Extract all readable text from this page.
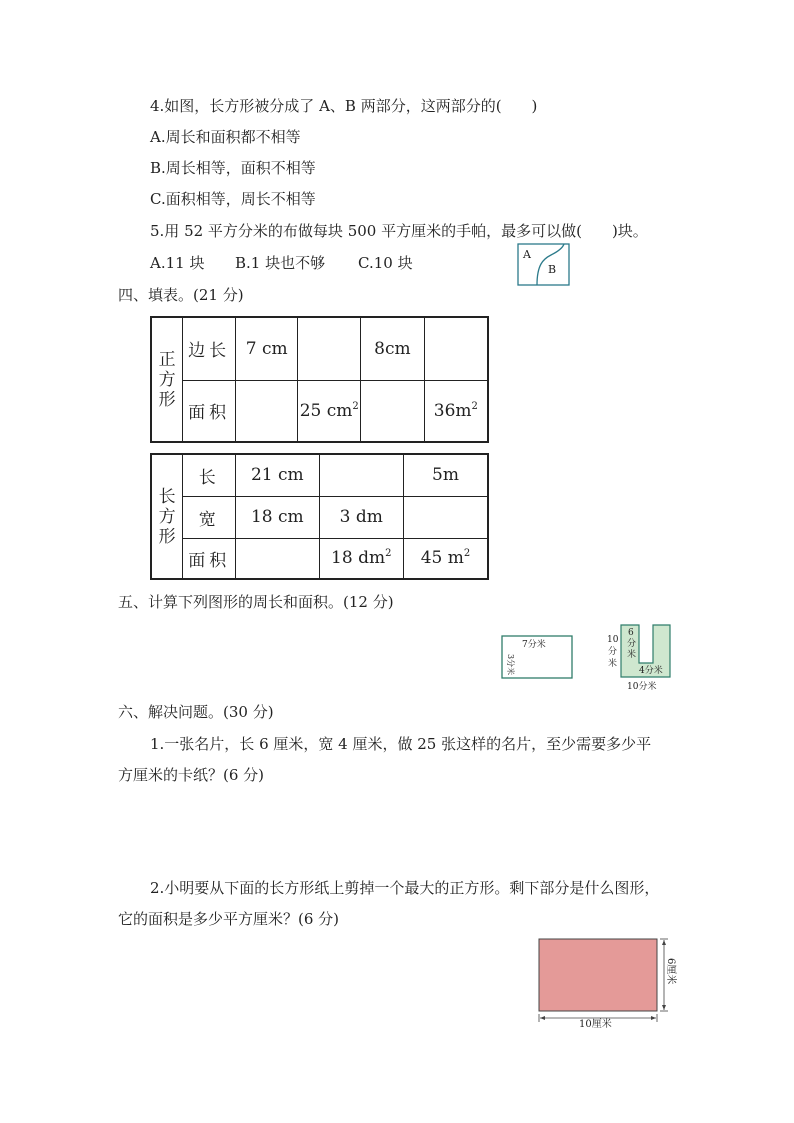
4.如图，长方形被分成了 A、B 两部分，这两部分的(　　)
A.周长和面积都不相等
B.周长相等，面积不相等
C.面积相等，周长不相等
5.用 52 平方分米的布做每块 500 平方厘米的手帕，最多可以做(　　)块。
A.11 块 B.1 块也不够 C.10 块	A
B
四、填表。(21 分)
正
方
形	边长	7 cm		8cm	
	面积		25 $cm^2$		$36m^2$
长
方
形	长	21 cm		5m
	宽	18 cm	3 dm	
	面积		18 $dm^2$	45 $m^2$
五、计算下列图形的周长和面积。(12 分)
7分米
3分米
10
分
米
6
分
米
4分米
10分米
六、解决问题。(30 分)
1.一张名片，长 6 厘米，宽 4 厘米，做 25 张这样的名片，至少需要多少平
方厘米的卡纸？(6 分)
2.小明要从下面的长方形纸上剪掉一个最大的正方形。剩下部分是什么图形，
它的面积是多少平方厘米？(6 分)
10厘米
6厘米
